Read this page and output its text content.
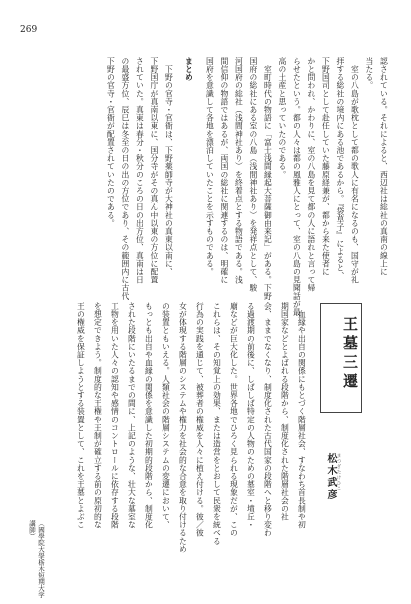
269
認されている。それによると、西辺社は総社の真南の線上に
当たる。
　室の八島が歌枕として都の歌人に有名になるのも、国守が礼
拝する総社の境内にある池であるから。『袋草子』によると、
下野国司として赴任していた藤原経兼が、都から来た使者に
かと問われ、かわりに、室の八島を見て都の人に語れと言って帰
らせたという。都の人々は都の風雅人にとって、室の八島の見聞話が最
高の土産と思っていたのである。
　室町時代の物語に「富士浅間縁起大菩薩御由来記」がある。下野
国府の総社にある室の八島（浅間神社あり）を発祥点として、駿
河国府の総社（浅間神社あり）を終着点とする物語である。浅
間信仰の物語ではあるが、両国の総社に関連するのは、明確に
国府を意識して各地を漂泊していたことを示すものである。
まとめ
　下野の官寺・官衙は、下野薬師寺が大神社の真東以南に、
下野国庁が真南以東に、国分寺がその真ん中以東の方位に配置
されていた。真東は春分・秋分のころの日の出方位、真南は日
の最盛方位、辰巳は冬至の日の出の方位であり、その範囲内に古代
下野の官寺・官衙が配置されていたのである。
　血縁や出自の関係にもとづく階層社会、すなわち首長制や初
期国家などとよばれる段階から、制度化された階層社会の社
会、ままでなくなり、制度化された古代国家の段階へと移り変わ
る過渡期の前後に、しばしば特定の人物のための墓室・墳丘・
廟などが巨大化した。世界各地でひろく見られる現象だが、この
これらは、その知覚上の効果、または造営をとおして民衆を統べる
行為の実践を通じて、被葬者の権威を人々に植え付ける。彼／彼
女が体現する階層のシステムや権力を社会的な合意を取り付けるため
の装置ともいえる。人類社会の階層システムの変遷において、
もっとも出自や血縁の関係を意識した初期的段階から、制度化
された段階にいたるまでの間に、上記のような、壮大な墓室な
工物を用いた人々の認知や感情のコントロールに依存する段階
を想定できよう。制度的な王権や王制が確立する前の原初的な
王の権威を保証しようとする装置として、これを王墓とよぶこ	王墓三遷
まつぎたけひこ
松木武彦
（國學院大學栃木短期大学講師）
